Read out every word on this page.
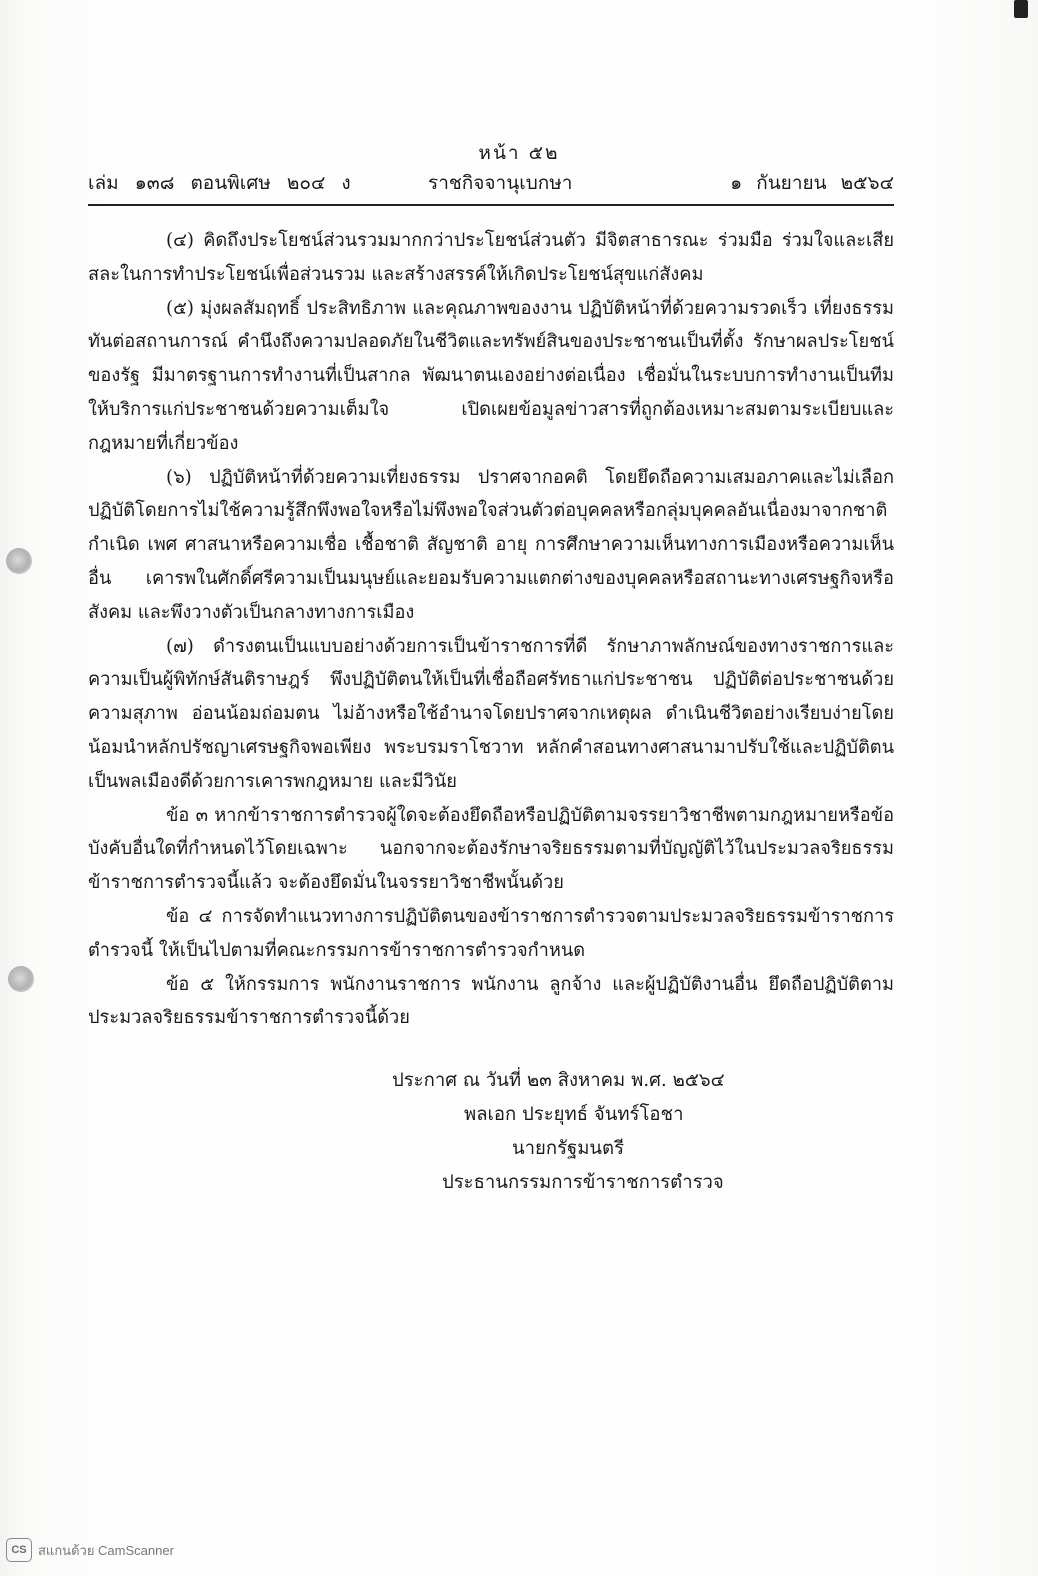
หน้า ๕๒
เล่ม ๑๓๘ ตอนพิเศษ ๒๐๔ ง	ราชกิจจานุเบกษา	๑ กันยายน ๒๕๖๔

(๔) คิดถึงประโยชน์ส่วนรวมมากกว่าประโยชน์ส่วนตัว มีจิตสาธารณะ ร่วมมือ ร่วมใจและเสียสละในการทำประโยชน์เพื่อส่วนรวม และสร้างสรรค์ให้เกิดประโยชน์สุขแก่สังคม

(๕) มุ่งผลสัมฤทธิ์ ประสิทธิภาพ และคุณภาพของงาน ปฏิบัติหน้าที่ด้วยความรวดเร็ว เที่ยงธรรม ทันต่อสถานการณ์ คำนึงถึงความปลอดภัยในชีวิตและทรัพย์สินของประชาชนเป็นที่ตั้ง รักษาผลประโยชน์ของรัฐ มีมาตรฐานการทำงานที่เป็นสากล พัฒนาตนเองอย่างต่อเนื่อง เชื่อมั่นในระบบการทำงานเป็นทีม ให้บริการแก่ประชาชนด้วยความเต็มใจ เปิดเผยข้อมูลข่าวสารที่ถูกต้องเหมาะสมตามระเบียบและกฎหมายที่เกี่ยวข้อง

(๖) ปฏิบัติหน้าที่ด้วยความเที่ยงธรรม ปราศจากอคติ โดยยึดถือความเสมอภาคและไม่เลือกปฏิบัติโดยการไม่ใช้ความรู้สึกพึงพอใจหรือไม่พึงพอใจส่วนตัวต่อบุคคลหรือกลุ่มบุคคลอันเนื่องมาจากชาติกำเนิด เพศ ศาสนาหรือความเชื่อ เชื้อชาติ สัญชาติ อายุ การศึกษาความเห็นทางการเมืองหรือความเห็นอื่น เคารพในศักดิ์ศรีความเป็นมนุษย์และยอมรับความแตกต่างของบุคคลหรือสถานะทางเศรษฐกิจหรือสังคม และพึงวางตัวเป็นกลางทางการเมือง

(๗) ดำรงตนเป็นแบบอย่างด้วยการเป็นข้าราชการที่ดี รักษาภาพลักษณ์ของทางราชการและความเป็นผู้พิทักษ์สันติราษฎร์ พึงปฏิบัติตนให้เป็นที่เชื่อถือศรัทธาแก่ประชาชน ปฏิบัติต่อประชาชนด้วยความสุภาพ อ่อนน้อมถ่อมตน ไม่อ้างหรือใช้อำนาจโดยปราศจากเหตุผล ดำเนินชีวิตอย่างเรียบง่ายโดยน้อมนำหลักปรัชญาเศรษฐกิจพอเพียง พระบรมราโชวาท หลักคำสอนทางศาสนามาปรับใช้และปฏิบัติตนเป็นพลเมืองดีด้วยการเคารพกฎหมาย และมีวินัย

ข้อ ๓ หากข้าราชการตำรวจผู้ใดจะต้องยึดถือหรือปฏิบัติตามจรรยาวิชาชีพตามกฎหมายหรือข้อบังคับอื่นใดที่กำหนดไว้โดยเฉพาะ นอกจากจะต้องรักษาจริยธรรมตามที่บัญญัติไว้ในประมวลจริยธรรมข้าราชการตำรวจนี้แล้ว จะต้องยึดมั่นในจรรยาวิชาชีพนั้นด้วย

ข้อ ๔ การจัดทำแนวทางการปฏิบัติตนของข้าราชการตำรวจตามประมวลจริยธรรมข้าราชการตำรวจนี้ ให้เป็นไปตามที่คณะกรรมการข้าราชการตำรวจกำหนด

ข้อ ๕ ให้กรรมการ พนักงานราชการ พนักงาน ลูกจ้าง และผู้ปฏิบัติงานอื่น ยึดถือปฏิบัติตามประมวลจริยธรรมข้าราชการตำรวจนี้ด้วย

ประกาศ ณ วันที่ ๒๓ สิงหาคม พ.ศ. ๒๕๖๔
พลเอก ประยุทธ์ จันทร์โอชา
นายกรัฐมนตรี
ประธานกรรมการข้าราชการตำรวจ
CS สแกนด้วย CamScanner
